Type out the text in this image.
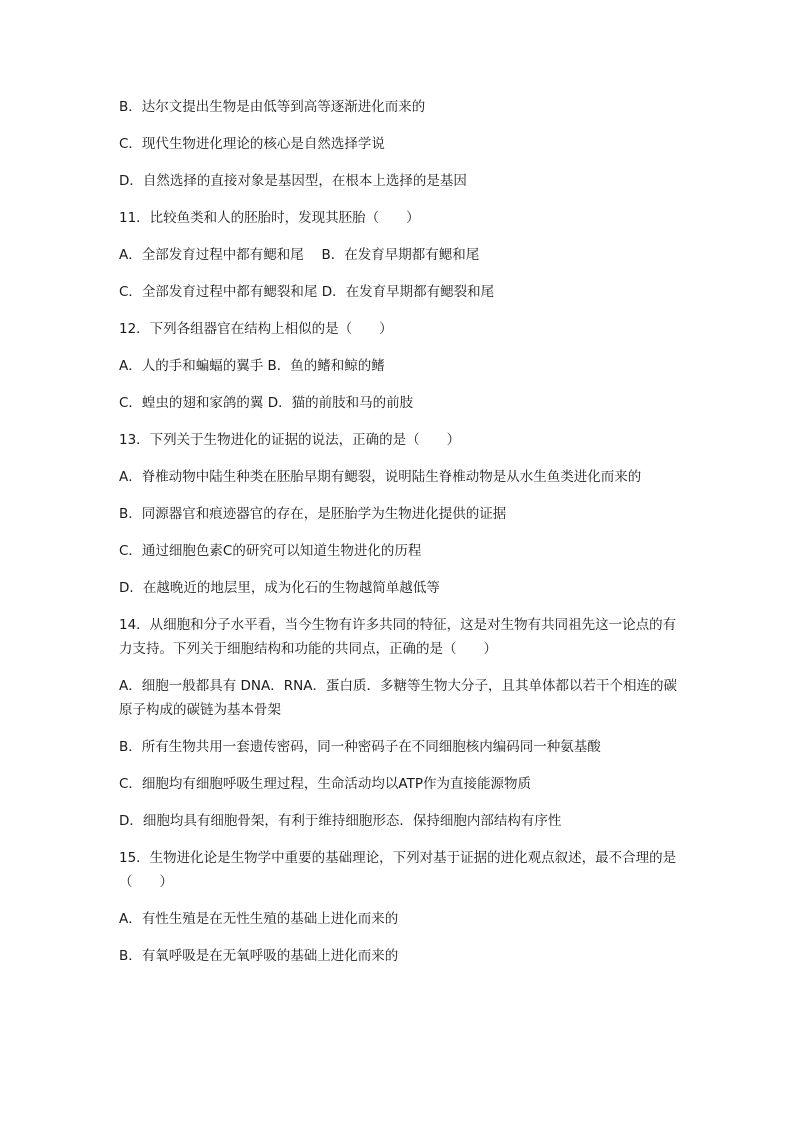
B．达尔文提出生物是由低等到高等逐渐进化而来的

C．现代生物进化理论的核心是自然选择学说

D．自然选择的直接对象是基因型，在根本上选择的是基因

11．比较鱼类和人的胚胎时，发现其胚胎（　　）

A．全部发育过程中都有鳃和尾　 B．在发育早期都有鳃和尾

C．全部发育过程中都有鳃裂和尾 D．在发育早期都有鳃裂和尾

12．下列各组器官在结构上相似的是（　　）

A．人的手和蝙蝠的翼手 B．鱼的鳍和鲸的鳍

C．蝗虫的翅和家鸽的翼 D．猫的前肢和马的前肢

13．下列关于生物进化的证据的说法，正确的是（　　）

A．脊椎动物中陆生种类在胚胎早期有鳃裂，说明陆生脊椎动物是从水生鱼类进化而来的

B．同源器官和痕迹器官的存在，是胚胎学为生物进化提供的证据

C．通过细胞色素C的研究可以知道生物进化的历程

D．在越晚近的地层里，成为化石的生物越简单越低等

14．从细胞和分子水平看，当今生物有许多共同的特征，这是对生物有共同祖先这一论点的有力支持。下列关于细胞结构和功能的共同点，正确的是（　　）

A．细胞一般都具有 DNA．RNA．蛋白质．多糖等生物大分子，且其单体都以若干个相连的碳原子构成的碳链为基本骨架

B．所有生物共用一套遗传密码，同一种密码子在不同细胞核内编码同一种氨基酸

C．细胞均有细胞呼吸生理过程，生命活动均以ATP作为直接能源物质

D．细胞均具有细胞骨架，有利于维持细胞形态．保持细胞内部结构有序性

15．生物进化论是生物学中重要的基础理论，下列对基于证据的进化观点叙述，最不合理的是（　　）

A．有性生殖是在无性生殖的基础上进化而来的

B．有氧呼吸是在无氧呼吸的基础上进化而来的
